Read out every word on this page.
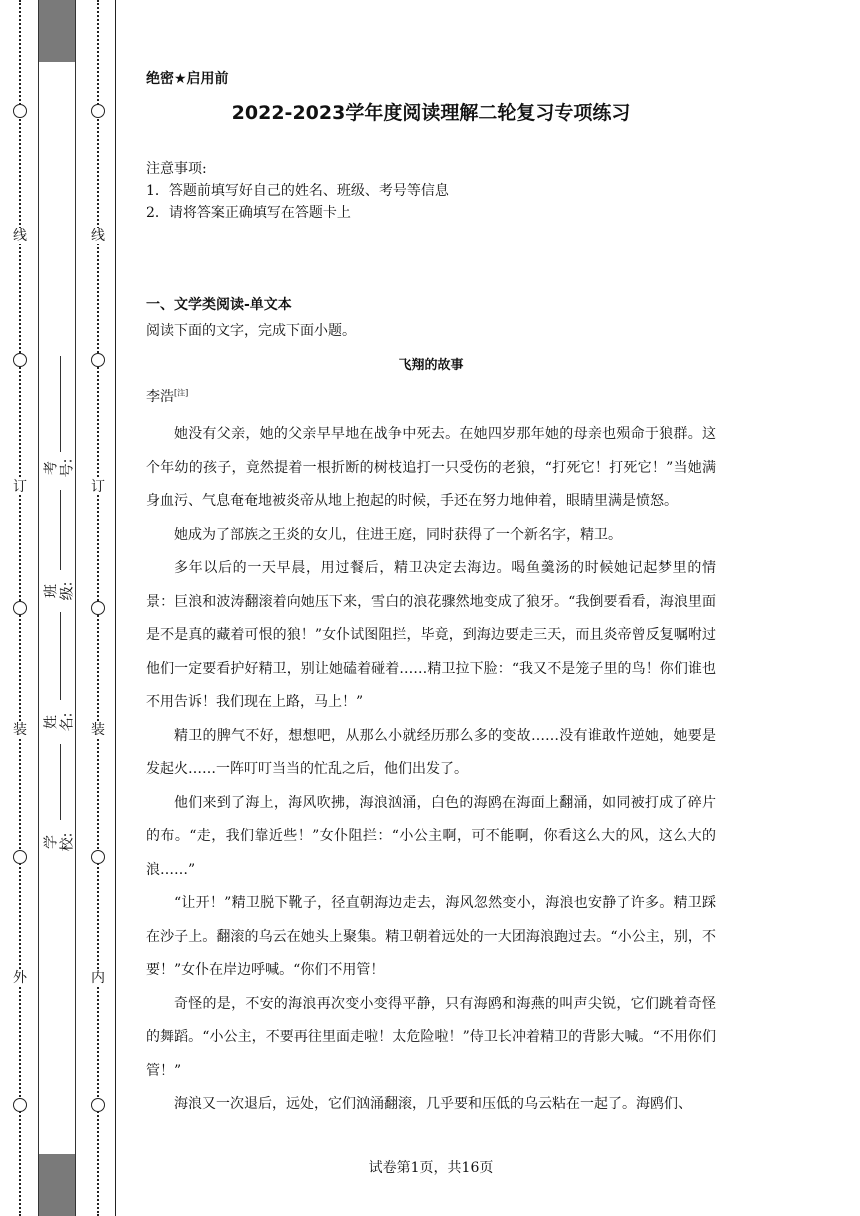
线
订
装
外
考号:
班级:
姓名:
学校:
线
订
装
内
绝密★启用前
2022-2023学年度阅读理解二轮复习专项练习
注意事项:
1．答题前填写好自己的姓名、班级、考号等信息
2．请将答案正确填写在答题卡上
一、文学类阅读-单文本
阅读下面的文字，完成下面小题。
飞翔的故事
李浩[注]

她没有父亲，她的父亲早早地在战争中死去。在她四岁那年她的母亲也殒命于狼群。这个年幼的孩子，竟然提着一根折断的树枝追打一只受伤的老狼，“打死它！打死它！”当她满身血污、气息奄奄地被炎帝从地上抱起的时候，手还在努力地伸着，眼睛里满是愤怒。

她成为了部族之王炎的女儿，住进王庭，同时获得了一个新名字，精卫。

多年以后的一天早晨，用过餐后，精卫决定去海边。喝鱼羹汤的时候她记起梦里的情景：巨浪和波涛翻滚着向她压下来，雪白的浪花骤然地变成了狼牙。“我倒要看看，海浪里面是不是真的藏着可恨的狼！”女仆试图阻拦，毕竟，到海边要走三天，而且炎帝曾反复嘱咐过他们一定要看护好精卫，别让她磕着碰着……精卫拉下脸：“我又不是笼子里的鸟！你们谁也不用告诉！我们现在上路，马上！”

精卫的脾气不好，想想吧，从那么小就经历那么多的变故……没有谁敢忤逆她，她要是发起火……一阵叮叮当当的忙乱之后，他们出发了。

他们来到了海上，海风吹拂，海浪汹涌，白色的海鸥在海面上翻涌，如同被打成了碎片的布。“走，我们靠近些！”女仆阻拦：“小公主啊，可不能啊，你看这么大的风，这么大的浪……”

“让开！”精卫脱下靴子，径直朝海边走去，海风忽然变小，海浪也安静了许多。精卫踩在沙子上。翻滚的乌云在她头上聚集。精卫朝着远处的一大团海浪跑过去。“小公主，别，不要！”女仆在岸边呼喊。“你们不用管！

奇怪的是，不安的海浪再次变小变得平静，只有海鸥和海燕的叫声尖锐，它们跳着奇怪的舞蹈。“小公主，不要再往里面走啦！太危险啦！”侍卫长冲着精卫的背影大喊。“不用你们管！”

海浪又一次退后，远处，它们汹涌翻滚，几乎要和压低的乌云粘在一起了。海鸥们、

试卷第1页，共16页
